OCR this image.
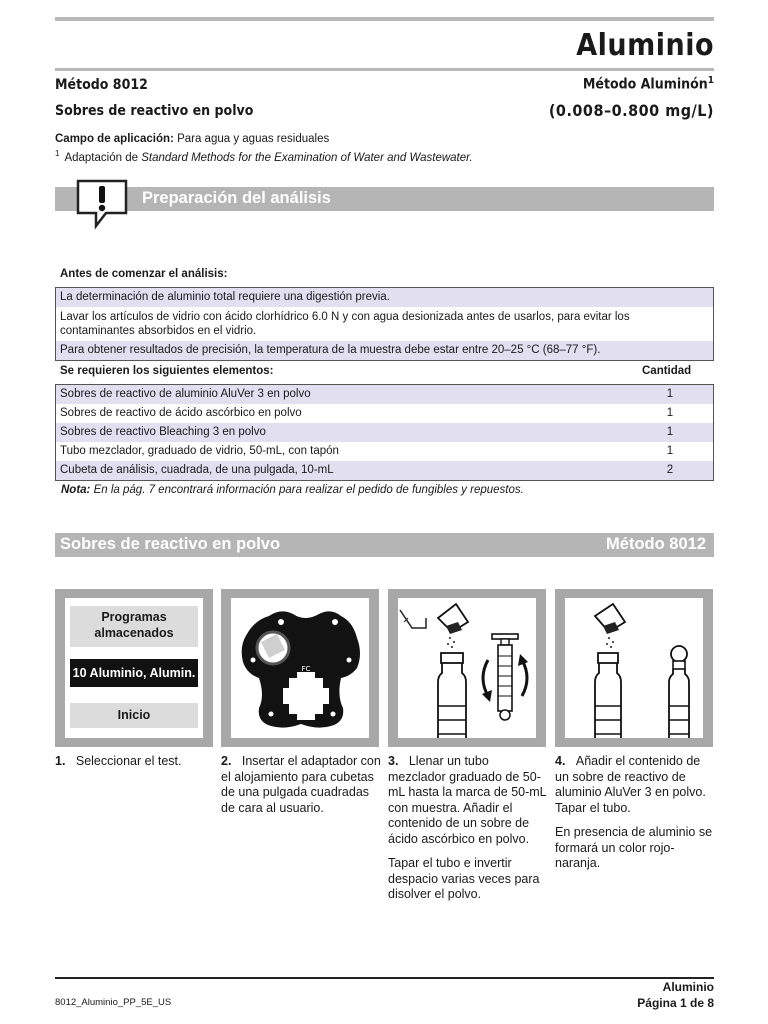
Aluminio
Método 8012
Sobres de reactivo en polvo
Método Aluminón$^1$
(0.008–0.800 mg/L)
Campo de aplicación: Para agua y aguas residuales
$^1$ Adaptación de Standard Methods for the Examination of Water and Wastewater.
Preparación del análisis
Antes de comenzar el análisis:
La determinación de aluminio total requiere una digestión previa.
Lavar los artículos de vidrio con ácido clorhídrico 6.0 N y con agua desionizada antes de usarlos, para evitar los contaminantes absorbidos en el vidrio.
Para obtener resultados de precisión, la temperatura de la muestra debe estar entre 20–25 °C (68–77 °F).
Se requieren los siguientes elementos:	Cantidad
Sobres de reactivo de aluminio AluVer 3 en polvo	1
Sobres de reactivo de ácido ascórbico en polvo	1
Sobres de reactivo Bleaching 3 en polvo	1
Tubo mezclador, graduado de vidrio, 50-mL, con tapón	1
Cubeta de análisis, cuadrada, de una pulgada, 10-mL	2
Nota: En la pág. 7 encontrará información para realizar el pedido de fungibles y repuestos.
Sobres de reactivo en polvo	Método 8012
Programas
almacenados
10 Aluminio, Alumin.
Inicio
FC

1. Seleccionar el test.	2. Insertar el adaptador con el alojamiento para cubetas de una pulgada cuadradas de cara al usuario.

3. Llenar un tubo mezclador graduado de 50-mL hasta la marca de 50-mL con muestra. Añadir el contenido de un sobre de ácido ascórbico en polvo.

Tapar el tubo e invertir despacio varias veces para disolver el polvo.

4. Añadir el contenido de un sobre de reactivo de aluminio AluVer 3 en polvo. Tapar el tubo.

En presencia de aluminio se formará un color rojo-naranja.

8012_Aluminio_PP_5E_US
Aluminio
Página 1 de 8
